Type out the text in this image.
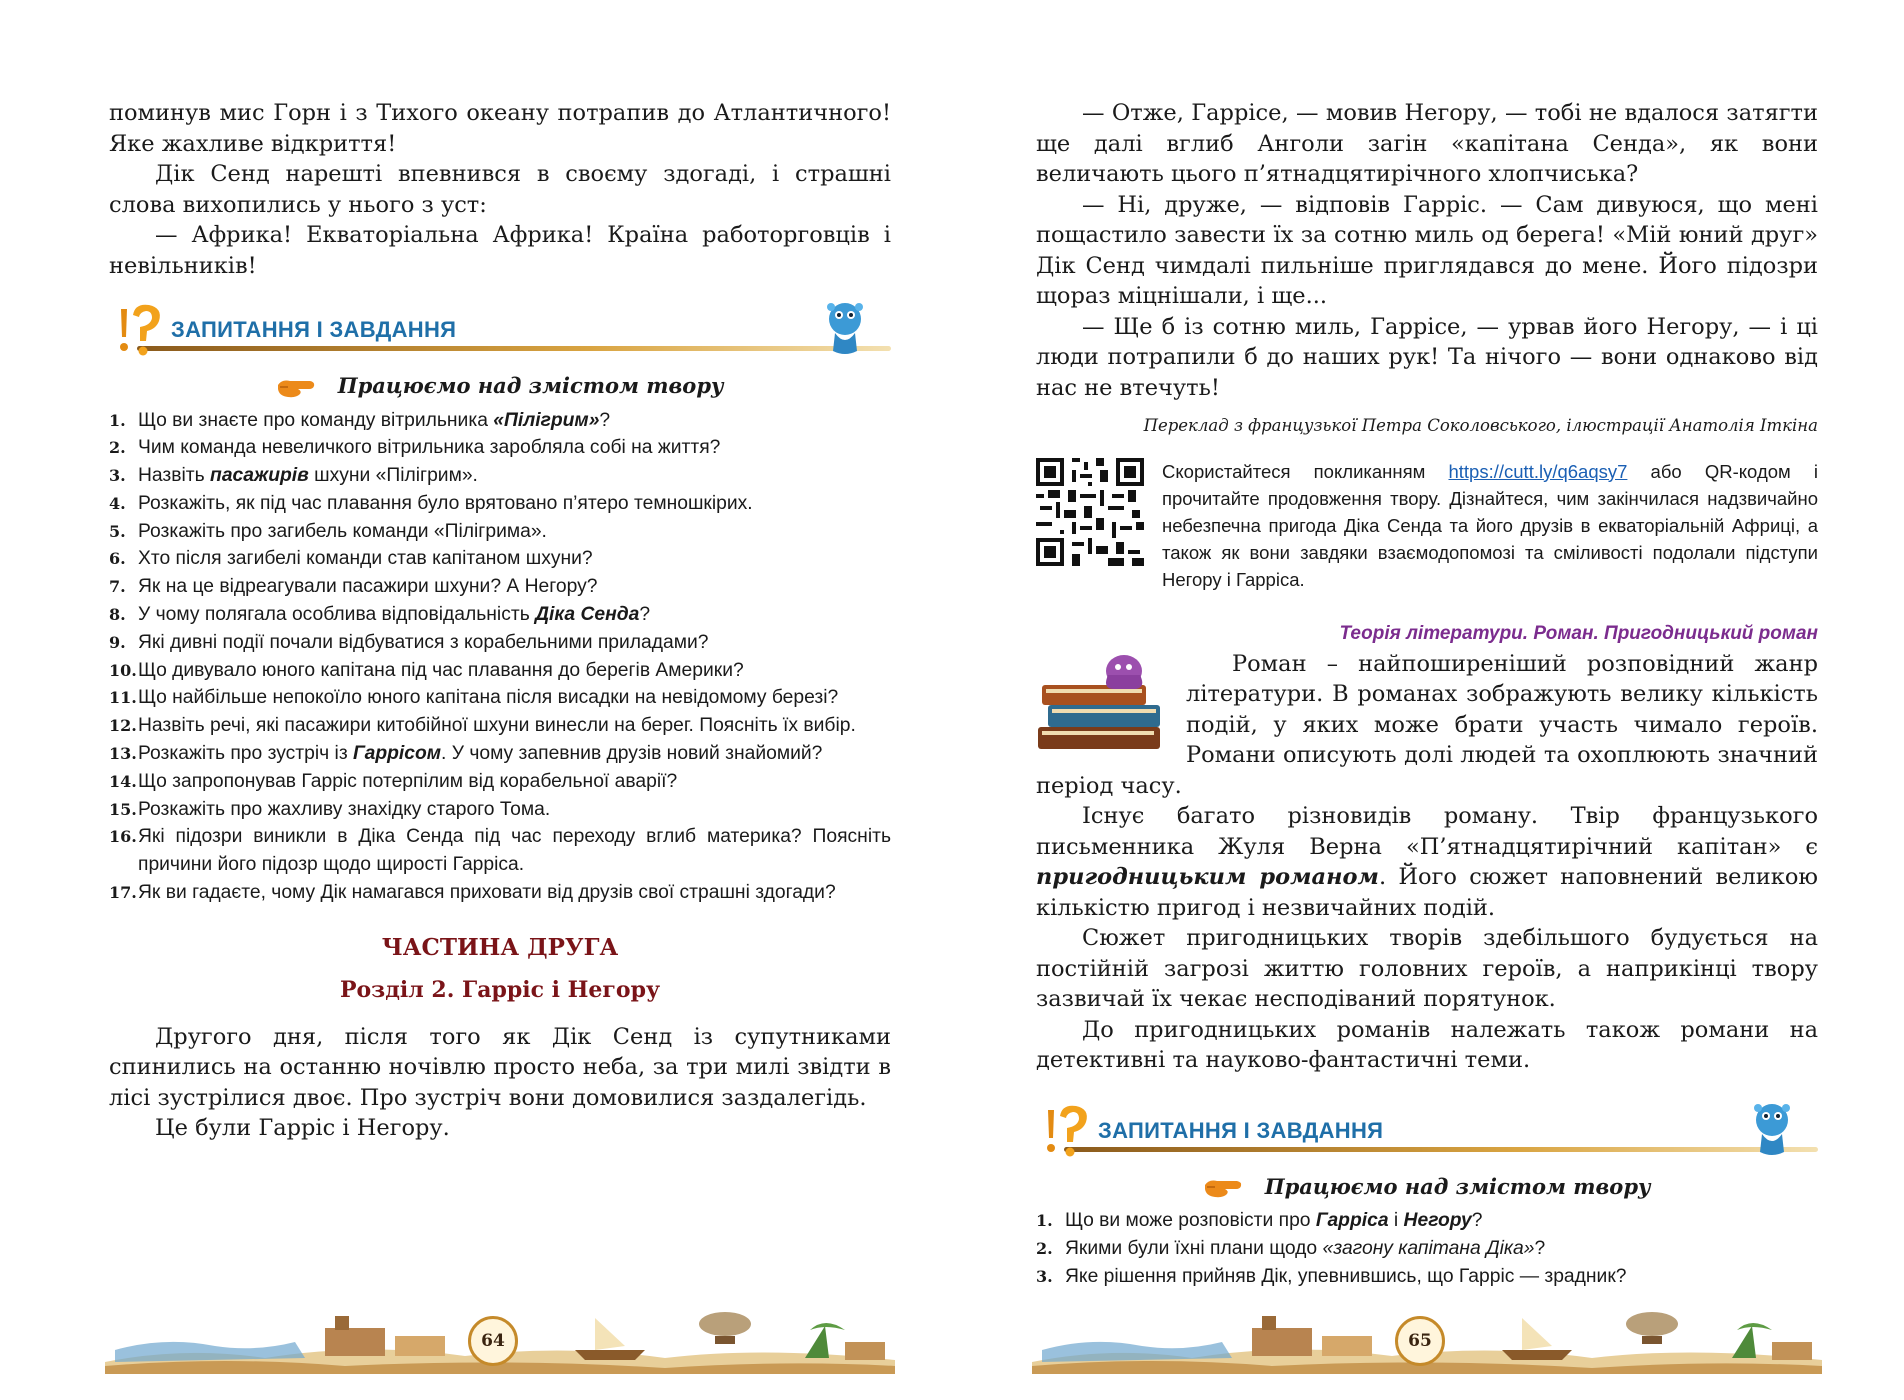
поминув мис Горн і з Тихого океану потрапив до Атлантичного! Яке жахливе відкриття!

Дік Сенд нарешті впевнився в своєму здогаді, і страшні слова вихопились у нього з уст:

— Африка! Екваторіальна Африка! Країна работорговців і невільників!

ЗАПИТАННЯ І ЗАВДАННЯ
Працюємо над змістом твору
1. Що ви знаєте про команду вітрильника «Пілігрим»?
2. Чим команда невеличкого вітрильника заробляла собі на життя?
3. Назвіть пасажирів шхуни «Пілігрим».
4. Розкажіть, як під час плавання було врятовано п’ятеро темношкірих.
5. Розкажіть про загибель команди «Пілігрима».
6. Хто після загибелі команди став капітаном шхуни?
7. Як на це відреагували пасажири шхуни? А Негору?
8. У чому полягала особлива відповідальність Діка Сенда?
9. Які дивні події почали відбуватися з корабельними приладами?
10. Що дивувало юного капітана під час плавання до берегів Америки?
11. Що найбільше непокоїло юного капітана після висадки на невідомому березі?
12. Назвіть речі, які пасажири китобійної шхуни винесли на берег. Поясніть їх вибір.
13. Розкажіть про зустріч із Гаррісом. У чому запевнив друзів новий знайомий?
14. Що запропонував Гарріс потерпілим від корабельної аварії?
15. Розкажіть про жахливу знахідку старого Тома.
16. Які підозри виникли в Діка Сенда під час переходу вглиб материка? Поясніть причини його підозр щодо щирості Гарріса.
17. Як ви гадаєте, чому Дік намагався приховати від друзів свої страшні здогади?
ЧАСТИНА ДРУГА
Розділ 2. Гарріс і Негору

Другого дня, після того як Дік Сенд із супутниками спинились на останню ночівлю просто неба, за три милі звідти в лісі зустрілися двоє. Про зустріч вони домовилися заздалегідь.

Це були Гарріс і Негору.

— Отже, Гаррісе, — мовив Негору, — тобі не вдалося затягти ще далі вглиб Анголи загін «капітана Сенда», як вони величають цього п’ятнадцятирічного хлопчиська?

— Ні, друже, — відповів Гарріс. — Сам дивуюся, що мені пощастило завести їх за сотню миль од берега! «Мій юний друг» Дік Сенд чимдалі пильніше приглядався до мене. Його підозри щораз міцнішали, і ще...

— Ще б із сотню миль, Гаррісе, — урвав його Негору, — і ці люди потрапили б до наших рук! Та нічого — вони однаково від нас не втечуть!

Переклад з французької Петра Соколовського, ілюстрації Анатолія Іткіна
Скористайтеся покликанням https://cutt.ly/q6aqsy7 або QR-кодом і прочитайте продовження твору. Дізнайтеся, чим закінчилася надзвичайно небезпечна пригода Діка Сенда та його друзів в екваторіальній Африці, а також як вони завдяки взаємодопомозі та сміливості подолали підступи Негору і Гарріса.
Теорія літератури. Роман. Пригодницький роман

Роман – найпоширеніший розповідний жанр літератури. В романах зображують велику кількість подій, у яких може брати участь чимало героїв. Романи описують долі людей та охоплюють значний період часу.

Існує багато різновидів роману. Твір французького письменника Жуля Верна «П’ятнадцятирічний капітан» є пригодницьким романом. Його сюжет наповнений великою кількістю пригод і незвичайних подій.

Сюжет пригодницьких творів здебільшого будується на постійній загрозі життю головних героїв, а наприкінці твору зазвичай їх чекає несподіваний порятунок.

До пригодницьких романів належать також романи на детективні та науково-фантастичні теми.

ЗАПИТАННЯ І ЗАВДАННЯ
Працюємо над змістом твору
1. Що ви може розповісти про Гарріса і Негору?
2. Якими були їхні плани щодо «загону капітана Діка»?
3. Яке рішення прийняв Дік, упевнившись, що Гарріс — зрадник?
64	65
